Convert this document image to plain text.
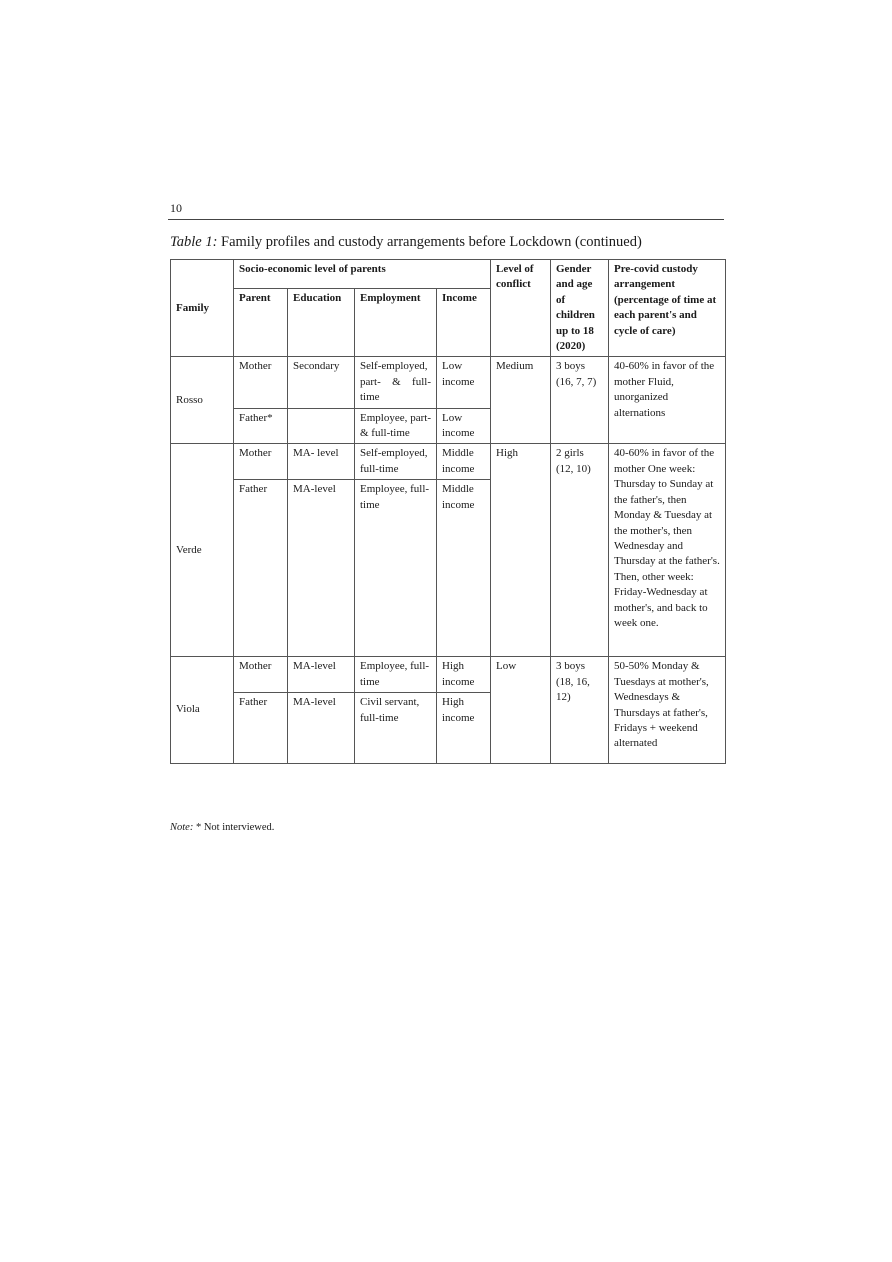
10
Table 1: Family profiles and custody arrangements before Lockdown (continued)
Family	Socio-economic level of parents				Level of conflict	Gender and age of children up to 18 (2020)	Pre-covid custody arrangement (percentage of time at each parent's and cycle of care)
	Parent	Education	Employment	Income			
Rosso	Mother	Secondary	Self-employed, part- & full-time	Low income	Medium	3 boys (16, 7, 7)	40-60% in favor of the mother Fluid, unorganized alternations
	Father*		Employee, part- & full-time	Low income			
Verde	Mother	MA- level	Self-employed, full-time	Middle income	High	2 girls (12, 10)	40-60% in favor of the mother One week: Thursday to Sunday at the father's, then Monday & Tuesday at the mother's, then Wednesday and Thursday at the father's. Then, other week: Friday-Wednesday at mother's, and back to week one.
	Father	MA-level	Employee, full-time	Middle income			
Viola	Mother	MA-level	Employee, full-time	High income	Low	3 boys (18, 16, 12)	50-50% Monday & Tuesdays at mother's, Wednesdays & Thursdays at father's, Fridays + weekend alternated
	Father	MA-level	Civil servant, full-time	High income			
Note: * Not interviewed.
